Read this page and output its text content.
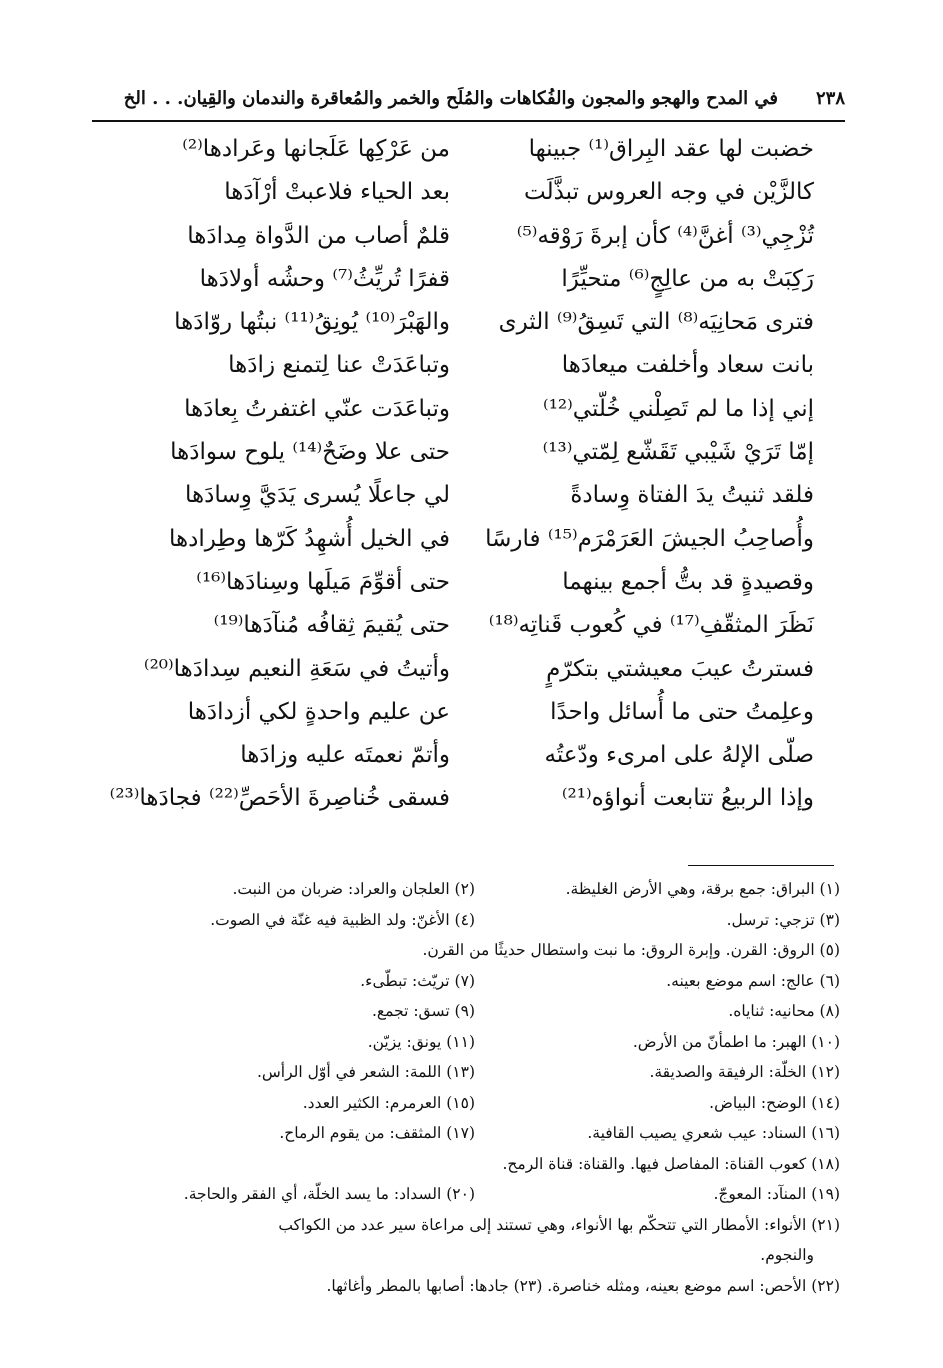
٢٣٨
في المدح والهجو والمجون والفُكاهات والمُلَح والخمر والمُعاقرة والندمان والقِيان. . . الخ
خضبت لها عقد البِراق⁽¹⁾ جبينها
كالزَّيْن في وجه العروس تبذَّلَت
تُزْجِي⁽³⁾ أغنَّ⁽⁴⁾ كأن إبرةَ رَوْقه⁽⁵⁾
رَكِبَتْ به من عالِجٍ⁽⁶⁾ متحيِّرًا
فترى مَحانِيَه⁽⁸⁾ التي تَسِقُ⁽⁹⁾ الثرى
بانت سعاد وأخلفت ميعادَها
إني إذا ما لم تَصِلْني خُلّتي⁽¹²⁾
إمّا تَرَيْ شَيْبي تَقَشّع لِمّتي⁽¹³⁾
فلقد ثنيتُ يدَ الفتاة وِسادةً
وأُصاحِبُ الجيشَ العَرَمْرَم⁽¹⁵⁾ فارسًا
وقصيدةٍ قد بتُّ أجمع بينهما
نَظَرَ المثقّفِ⁽¹⁷⁾ في كُعوب قَناتِه⁽¹⁸⁾
فسترتُ عيبَ معيشتي بتكرّمٍ
وعلِمتُ حتى ما أُسائل واحدًا
صلّى الإلهُ على امرىء ودّعتُه
وإذا الربيعُ تتابعت أنواؤه⁽²¹⁾
من عَرْكِها عَلَجانها وعَرادها⁽²⁾
بعد الحياء فلاعبتْ أرْآدَها
قلمٌ أصاب من الدَّواة مِدادَها
قفرًا تُريِّثُ⁽⁷⁾ وحشُه أولادَها
والهَبْرَ⁽¹⁰⁾ يُونِقُ⁽¹¹⁾ نبتُها روّادَها
وتباعَدَتْ عنا لِتمنع زادَها
وتباعَدَت عنّي اغتفرتُ بِعادَها
حتى علا وضَحٌ⁽¹⁴⁾ يلوح سوادَها
لي جاعلًا يُسرى يَدَيَّ وِسادَها
في الخيل أُشهِدُ كَرّها وطِرادها
حتى أقوِّمَ مَيلَها وسِنادَها⁽¹⁶⁾
حتى يُقيمَ ثِقافُه مُنآدَها⁽¹⁹⁾
وأتيتُ في سَعَةِ النعيم سِدادَها⁽²⁰⁾
عن عليم واحدةٍ لكي أزدادَها
وأتمّ نعمتَه عليه وزادَها
فسقى خُناصِرةَ الأحَصِّ⁽²²⁾ فجادَها⁽²³⁾
(١) البراق: جمع برقة، وهي الأرض الغليظة.
(٢) العلجان والعراد: ضربان من النبت.
(٣) تزجي: ترسل.
(٤) الأغنّ: ولد الظبية فيه غنّة في الصوت.
(٥) الروق: القرن. وإبرة الروق: ما نبت واستطال حديثًا من القرن.
(٦) عالج: اسم موضع بعينه.
(٧) تريّث: تبطّىء.
(٨) محانيه: ثناياه.
(٩) تسق: تجمع.
(١٠) الهبر: ما اطمأنّ من الأرض.
(١١) يونق: يزيّن.
(١٢) الخلّة: الرفيقة والصديقة.
(١٣) اللمة: الشعر في أوّل الرأس.
(١٤) الوضح: البياض.
(١٥) العرمرم: الكثير العدد.
(١٦) السناد: عيب شعري يصيب القافية.
(١٧) المثقف: من يقوم الرماح.
(١٨) كعوب القناة: المفاصل فيها. والقناة: قناة الرمح.
(١٩) المنآد: المعوجّ.
(٢٠) السداد: ما يسد الخلّة، أي الفقر والحاجة.
(٢١) الأنواء: الأمطار التي تتحكّم بها الأنواء، وهي تستند إلى مراعاة سير عدد من الكواكب
والنجوم.
(٢٢) الأحص: اسم موضع بعينه، ومثله خناصرة. (٢٣) جادها: أصابها بالمطر وأغاثها.
